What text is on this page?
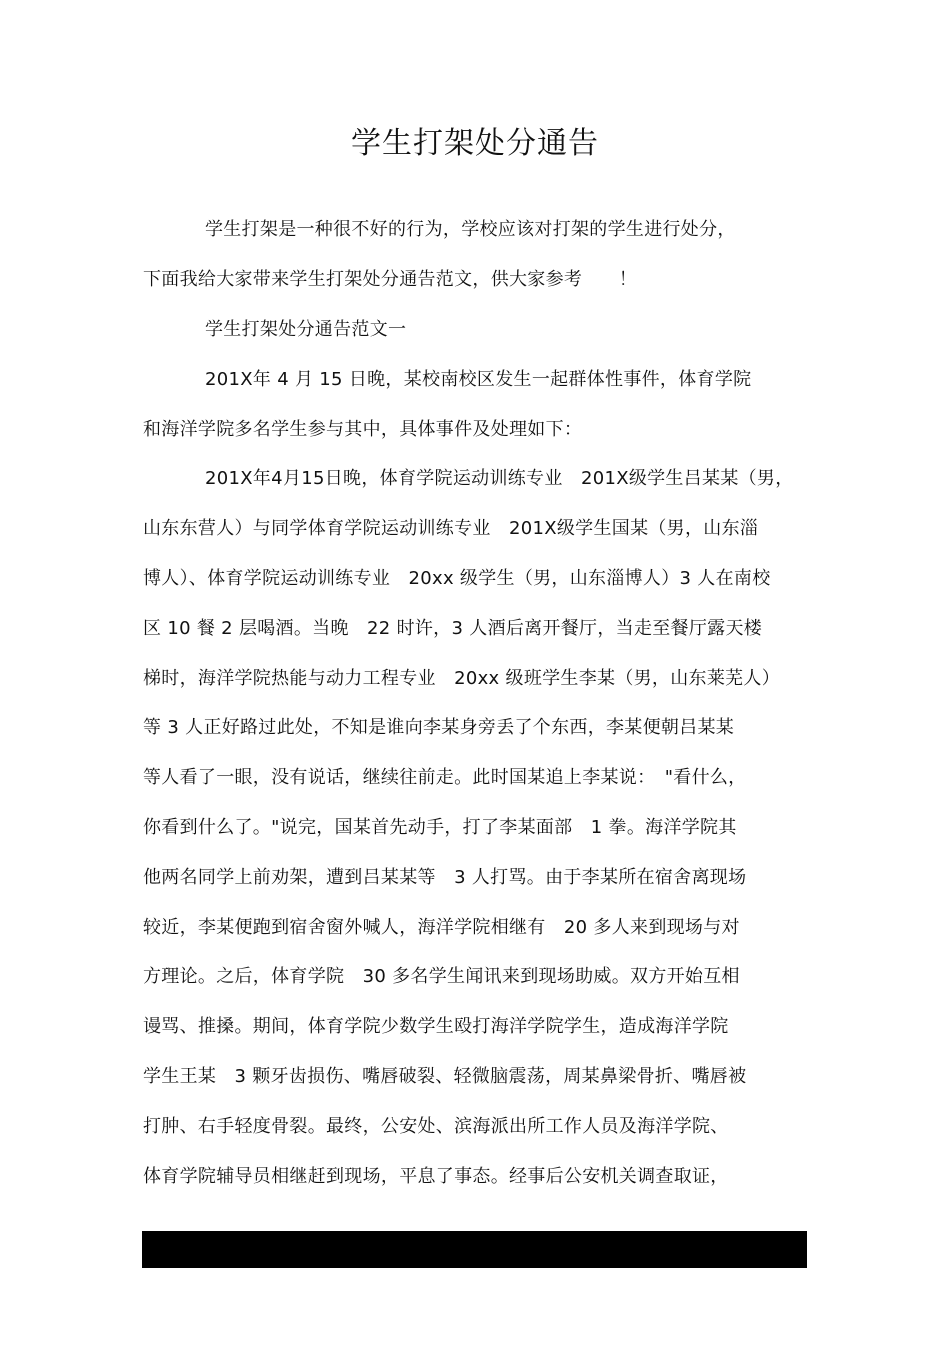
学生打架处分通告
学生打架是一种很不好的行为，学校应该对打架的学生进行处分，
下面我给大家带来学生打架处分通告范文，供大家参考　　！
学生打架处分通告范文一
201X年 4 月 15 日晚，某校南校区发生一起群体性事件，体育学院
和海洋学院多名学生参与其中，具体事件及处理如下：
201X年4月15日晚，体育学院运动训练专业　201X级学生吕某某（男，
山东东营人）与同学体育学院运动训练专业　201X级学生国某（男，山东淄
博人）、体育学院运动训练专业　20xx 级学生（男，山东淄博人）3 人在南校
区 10 餐 2 层喝酒。当晚　22 时许，3 人酒后离开餐厅，当走至餐厅露天楼
梯时，海洋学院热能与动力工程专业　20xx 级班学生李某（男，山东莱芜人）
等 3 人正好路过此处，不知是谁向李某身旁丢了个东西，李某便朝吕某某
等人看了一眼，没有说话，继续往前走。此时国某追上李某说：　"看什么，
你看到什么了。"说完，国某首先动手，打了李某面部　1 拳。海洋学院其
他两名同学上前劝架，遭到吕某某等　3 人打骂。由于李某所在宿舍离现场
较近，李某便跑到宿舍窗外喊人，海洋学院相继有　20 多人来到现场与对
方理论。之后，体育学院　30 多名学生闻讯来到现场助威。双方开始互相
谩骂、推搡。期间，体育学院少数学生殴打海洋学院学生，造成海洋学院
学生王某　3 颗牙齿损伤、嘴唇破裂、轻微脑震荡，周某鼻梁骨折、嘴唇被
打肿、右手轻度骨裂。最终，公安处、滨海派出所工作人员及海洋学院、
体育学院辅导员相继赶到现场，平息了事态。经事后公安机关调查取证，
